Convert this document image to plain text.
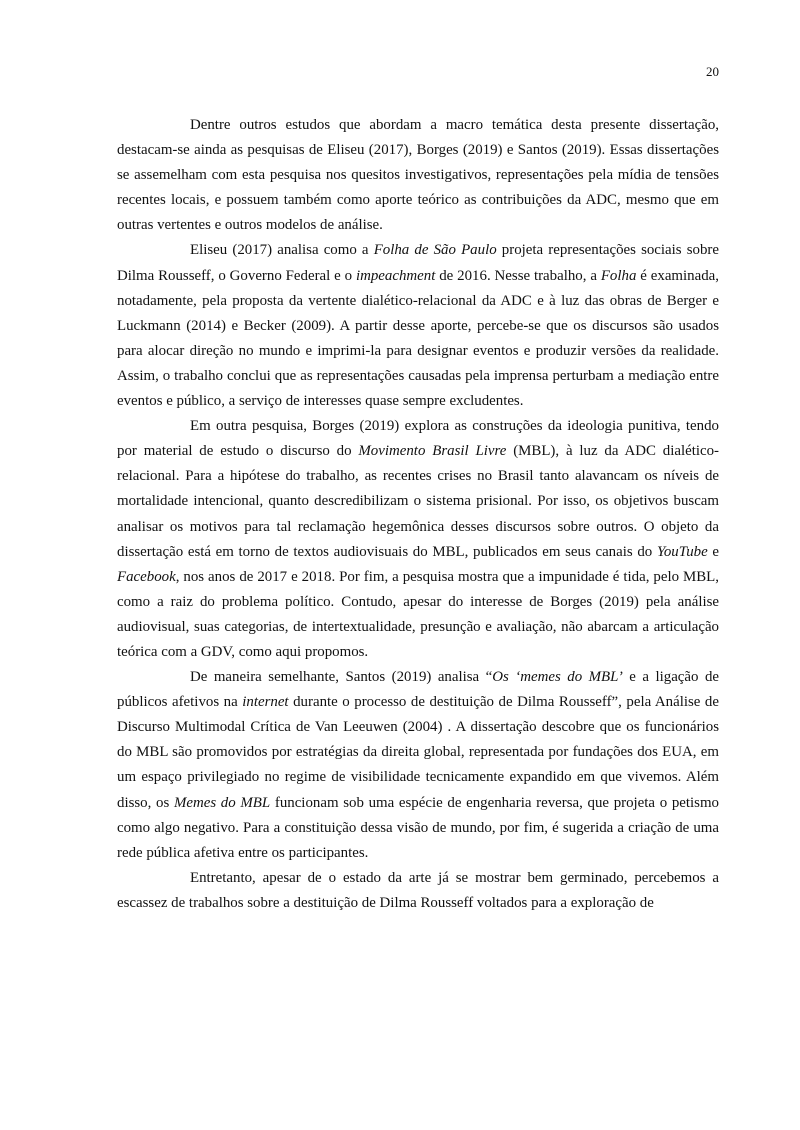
20

Dentre outros estudos que abordam a macro temática desta presente dissertação, destacam-se ainda as pesquisas de Eliseu (2017), Borges (2019) e Santos (2019). Essas dissertações se assemelham com esta pesquisa nos quesitos investigativos, representações pela mídia de tensões recentes locais, e possuem também como aporte teórico as contribuições da ADC, mesmo que em outras vertentes e outros modelos de análise.

Eliseu (2017) analisa como a Folha de São Paulo projeta representações sociais sobre Dilma Rousseff, o Governo Federal e o impeachment de 2016. Nesse trabalho, a Folha é examinada, notadamente, pela proposta da vertente dialético-relacional da ADC e à luz das obras de Berger e Luckmann (2014) e Becker (2009). A partir desse aporte, percebe-se que os discursos são usados para alocar direção no mundo e imprimi-la para designar eventos e produzir versões da realidade. Assim, o trabalho conclui que as representações causadas pela imprensa perturbam a mediação entre eventos e público, a serviço de interesses quase sempre excludentes.

Em outra pesquisa, Borges (2019) explora as construções da ideologia punitiva, tendo por material de estudo o discurso do Movimento Brasil Livre (MBL), à luz da ADC dialético-relacional. Para a hipótese do trabalho, as recentes crises no Brasil tanto alavancam os níveis de mortalidade intencional, quanto descredibilizam o sistema prisional. Por isso, os objetivos buscam analisar os motivos para tal reclamação hegemônica desses discursos sobre outros. O objeto da dissertação está em torno de textos audiovisuais do MBL, publicados em seus canais do YouTube e Facebook, nos anos de 2017 e 2018. Por fim, a pesquisa mostra que a impunidade é tida, pelo MBL, como a raiz do problema político. Contudo, apesar do interesse de Borges (2019) pela análise audiovisual, suas categorias, de intertextualidade, presunção e avaliação, não abarcam a articulação teórica com a GDV, como aqui propomos.

De maneira semelhante, Santos (2019) analisa “Os ‘memes do MBL’ e a ligação de públicos afetivos na internet durante o processo de destituição de Dilma Rousseff”, pela Análise de Discurso Multimodal Crítica de Van Leeuwen (2004) . A dissertação descobre que os funcionários do MBL são promovidos por estratégias da direita global, representada por fundações dos EUA, em um espaço privilegiado no regime de visibilidade tecnicamente expandido em que vivemos. Além disso, os Memes do MBL funcionam sob uma espécie de engenharia reversa, que projeta o petismo como algo negativo. Para a constituição dessa visão de mundo, por fim, é sugerida a criação de uma rede pública afetiva entre os participantes.

Entretanto, apesar de o estado da arte já se mostrar bem germinado, percebemos a escassez de trabalhos sobre a destituição de Dilma Rousseff voltados para a exploração de
